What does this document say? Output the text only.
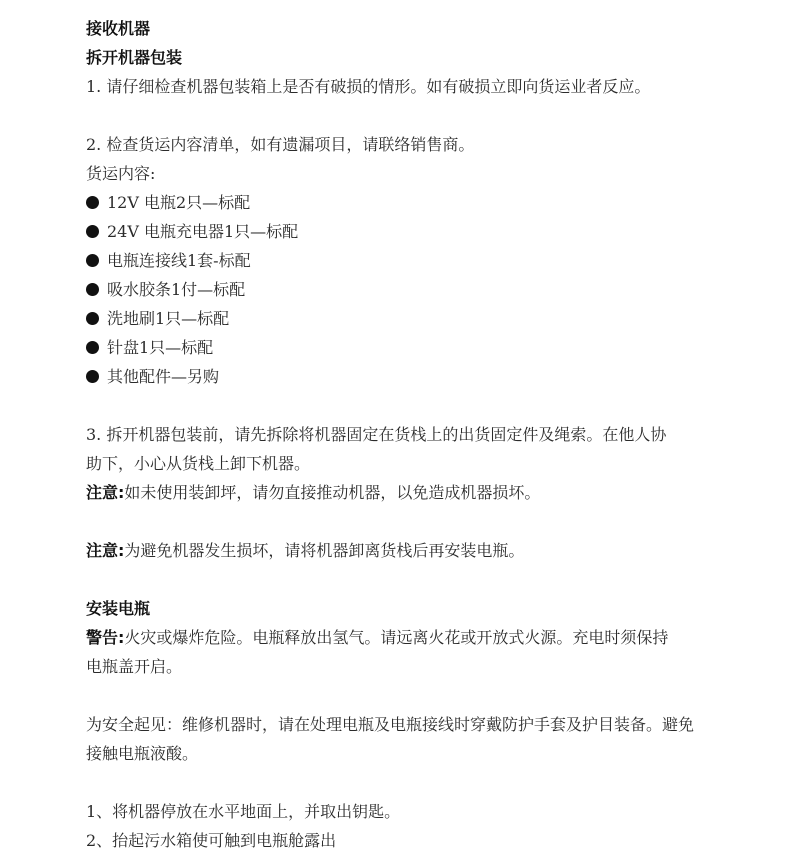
接收机器
拆开机器包装
1. 请仔细检查机器包装箱上是否有破损的情形。如有破损立即向货运业者反应。
2. 检查货运内容清单，如有遗漏项目，请联络销售商。
货运内容:
12V 电瓶2只—标配
24V 电瓶充电器1只—标配
电瓶连接线1套-标配
吸水胶条1付—标配
洗地刷1只—标配
针盘1只—标配
其他配件—另购
3. 拆开机器包装前，请先拆除将机器固定在货栈上的出货固定件及绳索。在他人协
助下，小心从货栈上卸下机器。
注意:如未使用装卸坪，请勿直接推动机器，以免造成机器损坏。
注意:为避免机器发生损坏，请将机器卸离货栈后再安装电瓶。
安装电瓶
警告:火灾或爆炸危险。电瓶释放出氢气。请远离火花或开放式火源。充电时须保持
电瓶盖开启。
为安全起见：维修机器时，请在处理电瓶及电瓶接线时穿戴防护手套及护目装备。避免
接触电瓶液酸。
1、将机器停放在水平地面上，并取出钥匙。
2、抬起污水箱使可触到电瓶舱露出
